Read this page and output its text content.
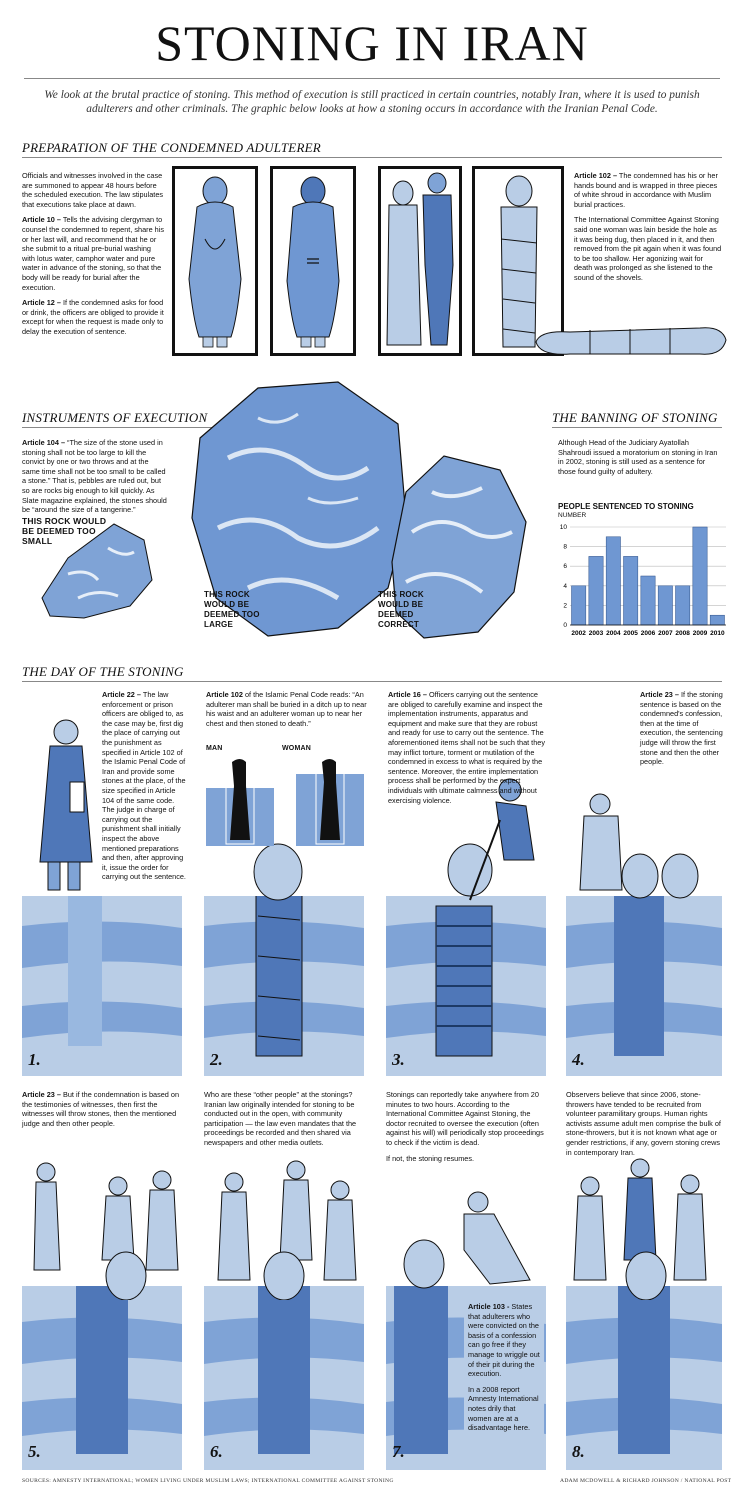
STONING IN IRAN
We look at the brutal practice of stoning. This method of execution is still practiced in certain countries, notably Iran, where it is used to punish adulterers and other criminals. The graphic below looks at how a stoning occurs in accordance with the Iranian Penal Code.
PREPARATION OF THE CONDEMNED ADULTERER

Officials and witnesses involved in the case are summoned to appear 48 hours before the scheduled execution. The law stipulates that executions take place at dawn.

Article 10 – Tells the advising clergyman to counsel the condemned to repent, share his or her last will, and recommend that he or she submit to a ritual pre-burial washing with lotus water, camphor water and pure water in advance of the stoning, so that the body will be ready for burial after the execution.

Article 12 – If the condemned asks for food or drink, the officers are obliged to provide it except for when the request is made only to delay the execution of sentence.

Article 102 – The condemned has his or her hands bound and is wrapped in three pieces of white shroud in accordance with Muslim burial practices.

The International Committee Against Stoning said one woman was lain beside the hole as it was being dug, then placed in it, and then removed from the pit again when it was found to be too shallow. Her agonizing wait for death was prolonged as she listened to the sound of the shovels.

INSTRUMENTS OF EXECUTION
Article 104 – “The size of the stone used in stoning shall not be too large to kill the convict by one or two throws and at the same time shall not be too small to be called a stone.” That is, pebbles are ruled out, but so are rocks big enough to kill quickly. As Slate magazine explained, the stones should be “around the size of a tangerine.”
THIS ROCK WOULD BE DEEMED TOO SMALL
THIS ROCK WOULD BE DEEMED TOO LARGE
THIS ROCK WOULD BE DEEMED CORRECT
THE BANNING OF STONING
Although Head of the Judiciary Ayatollah Shahroudi issued a moratorium on stoning in Iran in 2002, stoning is still used as a sentence for those found guilty of adultery.
PEOPLE SENTENCED TO STONING
NUMBER
0
2
4
6
8
10
2002 2003 2004 2005 2006 2007 2008 2009 2010
THE DAY OF THE STONING
Article 22 – The law enforcement or prison officers are obliged to, as the case may be, first dig the place of carrying out the punishment as specified in Article 102 of the Islamic Penal Code of Iran and provide some stones at the place, of the size specified in Article 104 of the same code. The judge in charge of carrying out the punishment shall initially inspect the above mentioned preparations and then, after approving it, issue the order for carrying out the sentence.
1.
Article 102 of the Islamic Penal Code reads: “An adulterer man shall be buried in a ditch up to near his waist and an adulterer woman up to near her chest and then stoned to death.”
MAN	WOMAN
2.
Article 16 – Officers carrying out the sentence are obliged to carefully examine and inspect the implementation instruments, apparatus and equipment and make sure that they are robust and ready for use to carry out the sentence. The aforementioned items shall not be such that they may inflict torture, torment or mutilation of the condemned in excess to what is required by the sentence. Moreover, the entire implementation process shall be performed by the expert individuals with ultimate calmness and without exercising violence.
3.
Article 23 – If the stoning sentence is based on the condemned's confession, then at the time of execution, the sentencing judge will throw the first stone and then the other people.
4.
Article 23 – But if the condemnation is based on the testimonies of witnesses, then first the witnesses will throw stones, then the mentioned judge and then other people.
Who are these “other people” at the stonings? Iranian law originally intended for stoning to be conducted out in the open, with community participation — the law even mandates that the proceedings be recorded and then shared via newspapers and other media outlets.

Stonings can reportedly take anywhere from 20 minutes to two hours. According to the International Committee Against Stoning, the doctor recruited to oversee the execution (often against his will) will periodically stop proceedings to check if the victim is dead.

If not, the stoning resumes.

Observers believe that since 2006, stone-throwers have tended to be recruited from volunteer paramilitary groups. Human rights activists assume adult men comprise the bulk of stone-throwers, but it is not known what age or gender restrictions, if any, govern stoning crews in contemporary Iran.
5.	6.

Article 103 - States that adulterers who were convicted on the basis of a confession can go free if they manage to wriggle out of their pit during the execution.

In a 2008 report Amnesty International notes drily that women are at a disadvantage here.

7.	8.
SOURCES: AMNESTY INTERNATIONAL; WOMEN LIVING UNDER MUSLIM LAWS; INTERNATIONAL COMMITTEE AGAINST STONING	ADAM MCDOWELL & RICHARD JOHNSON / NATIONAL POST
